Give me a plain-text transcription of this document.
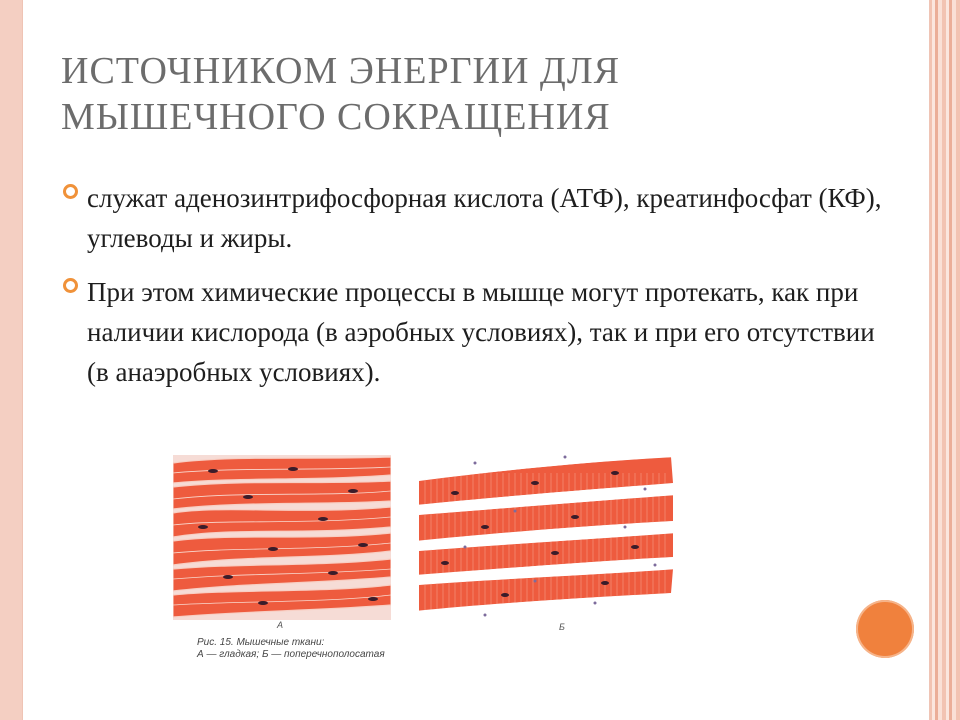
ИСТОЧНИКОМ ЭНЕРГИИ ДЛЯ
МЫШЕЧНОГО СОКРАЩЕНИЯ
служат аденозинтрифосфорная кислота (АТФ), креатинфосфат (КФ), углеводы и жиры.
При этом химические процессы в мышце могут протекать, как при наличии кислорода (в аэробных условиях), так и при его отсутствии (в анаэробных условиях).
А	Б
Рис. 15. Мышечные ткани:
А — гладкая; Б — поперечнополосатая
